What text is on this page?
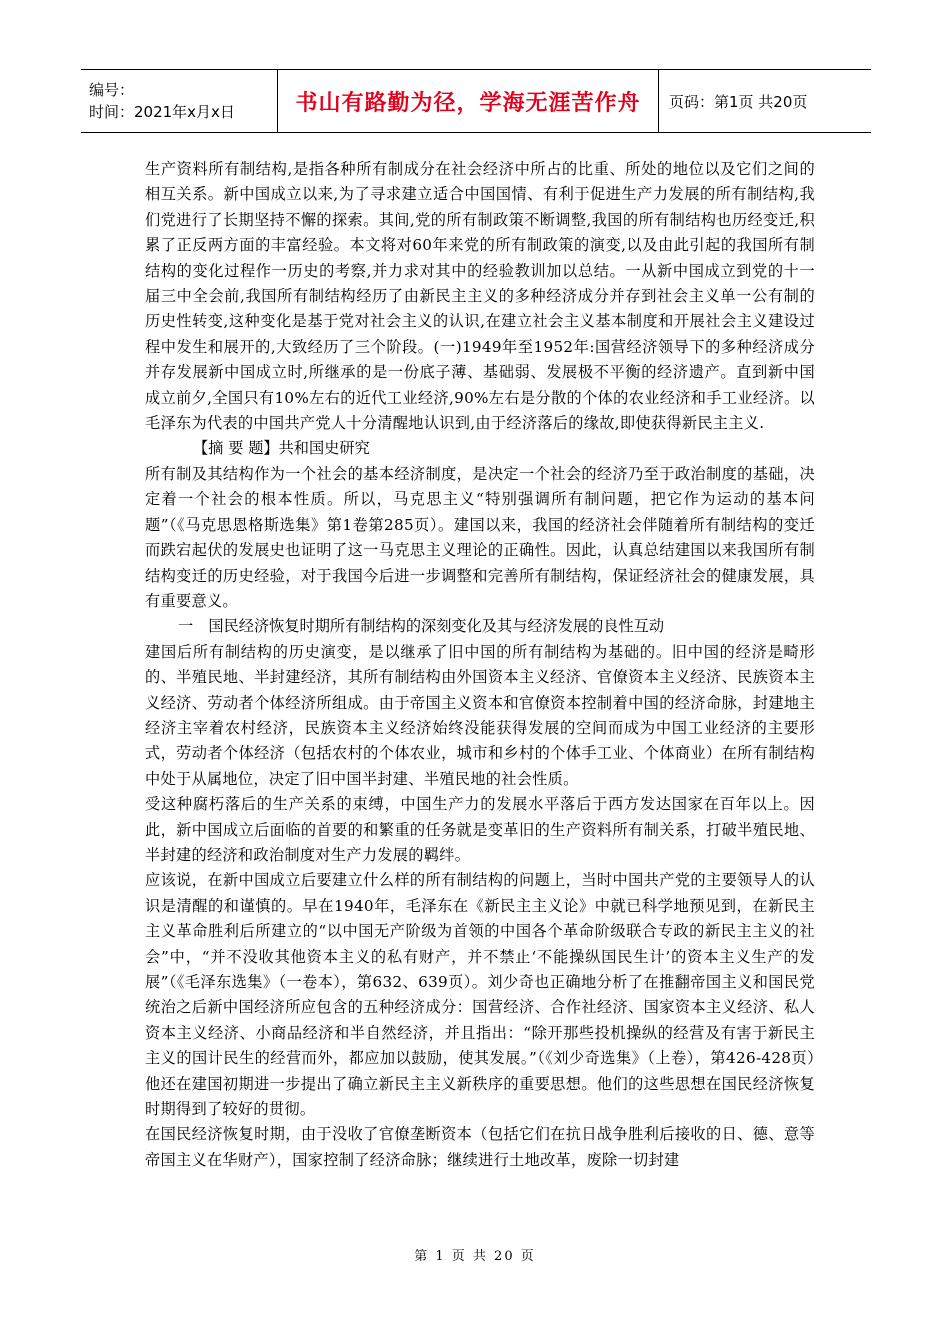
编号：
时间：2021年x月x日	书山有路勤为径，学海无涯苦作舟	页码：第1页 共20页

生产资料所有制结构,是指各种所有制成分在社会经济中所占的比重、所处的地位以及它们之间的相互关系。新中国成立以来,为了寻求建立适合中国国情、有利于促进生产力发展的所有制结构,我们党进行了长期坚持不懈的探索。其间,党的所有制政策不断调整,我国的所有制结构也历经变迁,积累了正反两方面的丰富经验。本文将对60年来党的所有制政策的演变,以及由此引起的我国所有制结构的变化过程作一历史的考察,并力求对其中的经验教训加以总结。一从新中国成立到党的十一届三中全会前,我国所有制结构经历了由新民主主义的多种经济成分并存到社会主义单一公有制的历史性转变,这种变化是基于党对社会主义的认识,在建立社会主义基本制度和开展社会主义建设过程中发生和展开的,大致经历了三个阶段。(一)1949年至1952年:国营经济领导下的多种经济成分并存发展新中国成立时,所继承的是一份底子薄、基础弱、发展极不平衡的经济遗产。直到新中国成立前夕,全国只有10%左右的近代工业经济,90%左右是分散的个体的农业经济和手工业经济。以毛泽东为代表的中国共产党人十分清醒地认识到,由于经济落后的缘故,即使获得新民主主义.

【摘 要 题】共和国史研究

所有制及其结构作为一个社会的基本经济制度，是决定一个社会的经济乃至于政治制度的基础，决定着一个社会的根本性质。所以，马克思主义“特别强调所有制问题，把它作为运动的基本问题”（《马克思恩格斯选集》第1卷第285页）。建国以来，我国的经济社会伴随着所有制结构的变迁而跌宕起伏的发展史也证明了这一马克思主义理论的正确性。因此，认真总结建国以来我国所有制结构变迁的历史经验，对于我国今后进一步调整和完善所有制结构，保证经济社会的健康发展，具有重要意义。

一　国民经济恢复时期所有制结构的深刻变化及其与经济发展的良性互动

建国后所有制结构的历史演变，是以继承了旧中国的所有制结构为基础的。旧中国的经济是畸形的、半殖民地、半封建经济，其所有制结构由外国资本主义经济、官僚资本主义经济、民族资本主义经济、劳动者个体经济所组成。由于帝国主义资本和官僚资本控制着中国的经济命脉，封建地主经济主宰着农村经济，民族资本主义经济始终没能获得发展的空间而成为中国工业经济的主要形式，劳动者个体经济（包括农村的个体农业，城市和乡村的个体手工业、个体商业）在所有制结构中处于从属地位，决定了旧中国半封建、半殖民地的社会性质。

受这种腐朽落后的生产关系的束缚，中国生产力的发展水平落后于西方发达国家在百年以上。因此，新中国成立后面临的首要的和繁重的任务就是变革旧的生产资料所有制关系，打破半殖民地、半封建的经济和政治制度对生产力发展的羁绊。

应该说，在新中国成立后要建立什么样的所有制结构的问题上，当时中国共产党的主要领导人的认识是清醒的和谨慎的。早在1940年，毛泽东在《新民主主义论》中就已科学地预见到，在新民主主义革命胜利后所建立的“以中国无产阶级为首领的中国各个革命阶级联合专政的新民主主义的社会”中，“并不没收其他资本主义的私有财产，并不禁止‘不能操纵国民生计’的资本主义生产的发展”（《毛泽东选集》（一卷本），第632、639页）。刘少奇也正确地分析了在推翻帝国主义和国民党统治之后新中国经济所应包含的五种经济成分：国营经济、合作社经济、国家资本主义经济、私人资本主义经济、小商品经济和半自然经济，并且指出：“除开那些投机操纵的经营及有害于新民主主义的国计民生的经营而外，都应加以鼓励，使其发展。”（《刘少奇选集》（上卷），第426-428页）他还在建国初期进一步提出了确立新民主主义新秩序的重要思想。他们的这些思想在国民经济恢复时期得到了较好的贯彻。

在国民经济恢复时期，由于没收了官僚垄断资本（包括它们在抗日战争胜利后接收的日、德、意等帝国主义在华财产），国家控制了经济命脉；继续进行土地改革，废除一切封建

第 1 页 共 20 页
